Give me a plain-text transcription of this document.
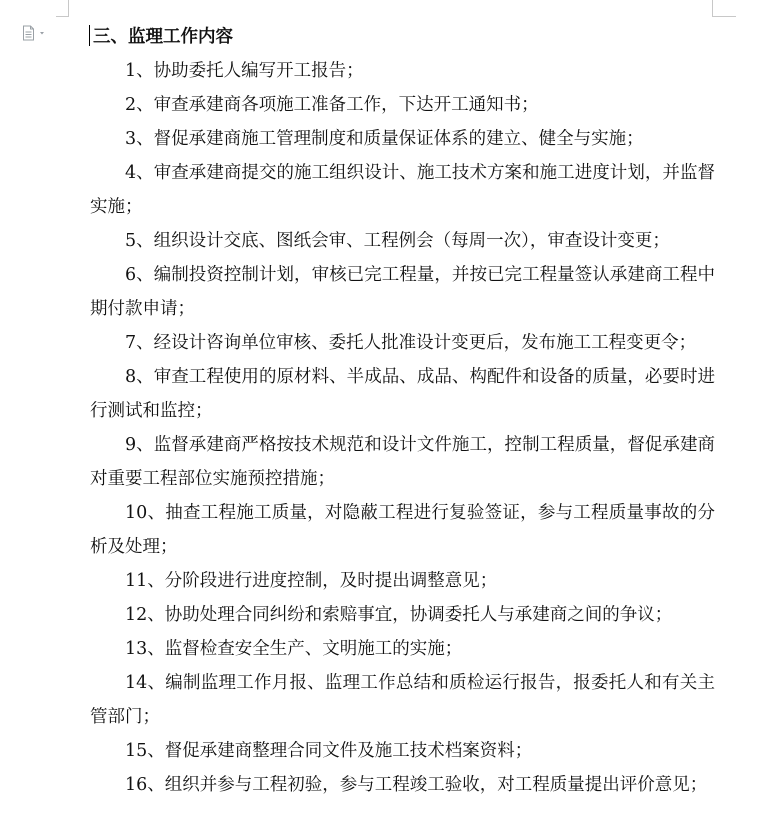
三、监理工作内容

1、协助委托人编写开工报告；

2、审查承建商各项施工准备工作，下达开工通知书；

3、督促承建商施工管理制度和质量保证体系的建立、健全与实施；

4、审查承建商提交的施工组织设计、施工技术方案和施工进度计划，并监督实施；

5、组织设计交底、图纸会审、工程例会（每周一次），审查设计变更；

6、编制投资控制计划，审核已完工程量，并按已完工程量签认承建商工程中期付款申请；

7、经设计咨询单位审核、委托人批准设计变更后，发布施工工程变更令；

8、审查工程使用的原材料、半成品、成品、构配件和设备的质量，必要时进行测试和监控；

9、监督承建商严格按技术规范和设计文件施工，控制工程质量，督促承建商对重要工程部位实施预控措施；

10、抽查工程施工质量，对隐蔽工程进行复验签证，参与工程质量事故的分析及处理；

11、分阶段进行进度控制，及时提出调整意见；

12、协助处理合同纠纷和索赔事宜，协调委托人与承建商之间的争议；

13、监督检查安全生产、文明施工的实施；

14、编制监理工作月报、监理工作总结和质检运行报告，报委托人和有关主管部门；

15、督促承建商整理合同文件及施工技术档案资料；

16、组织并参与工程初验，参与工程竣工验收，对工程质量提出评价意见；
